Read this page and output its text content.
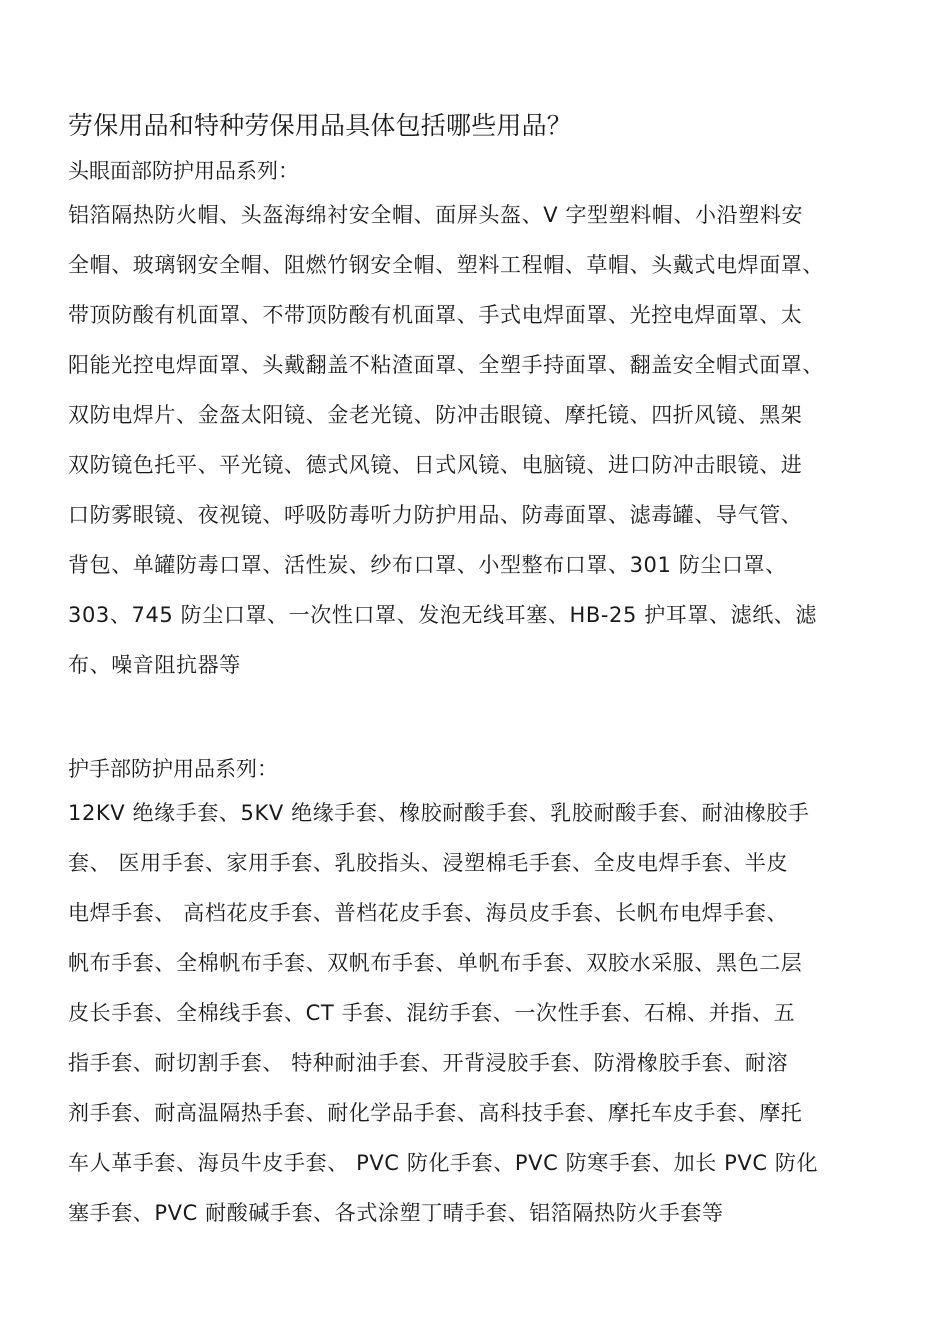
劳保用品和特种劳保用品具体包括哪些用品？
头眼面部防护用品系列：

铝箔隔热防火帽、头盔海绵衬安全帽、面屏头盔、V 字型塑料帽、小沿塑料安
全帽、玻璃钢安全帽、阻燃竹钢安全帽、塑料工程帽、草帽、头戴式电焊面罩、
带顶防酸有机面罩、不带顶防酸有机面罩、手式电焊面罩、光控电焊面罩、太
阳能光控电焊面罩、头戴翻盖不粘渣面罩、全塑手持面罩、翻盖安全帽式面罩、
双防电焊片、金盔太阳镜、金老光镜、防冲击眼镜、摩托镜、四折风镜、黑架
双防镜色托平、平光镜、德式风镜、日式风镜、电脑镜、进口防冲击眼镜、进
口防雾眼镜、夜视镜、呼吸防毒听力防护用品、防毒面罩、滤毒罐、导气管、
背包、单罐防毒口罩、活性炭、纱布口罩、小型整布口罩、301 防尘口罩、
303、745 防尘口罩、一次性口罩、发泡无线耳塞、HB-25 护耳罩、滤纸、滤
布、噪音阻抗器等

护手部防护用品系列：

12KV 绝缘手套、5KV 绝缘手套、橡胶耐酸手套、乳胶耐酸手套、耐油橡胶手
套、 医用手套、家用手套、乳胶指头、浸塑棉毛手套、全皮电焊手套、半皮
电焊手套、 高档花皮手套、普档花皮手套、海员皮手套、长帆布电焊手套、
帆布手套、全棉帆布手套、双帆布手套、单帆布手套、双胶水采服、黑色二层
皮长手套、全棉线手套、CT 手套、混纺手套、一次性手套、石棉、并指、五
指手套、耐切割手套、 特种耐油手套、开背浸胶手套、防滑橡胶手套、耐溶
剂手套、耐高温隔热手套、耐化学品手套、高科技手套、摩托车皮手套、摩托
车人革手套、海员牛皮手套、 PVC 防化手套、PVC 防寒手套、加长 PVC 防化
塞手套、PVC 耐酸碱手套、各式涂塑丁晴手套、铝箔隔热防火手套等
